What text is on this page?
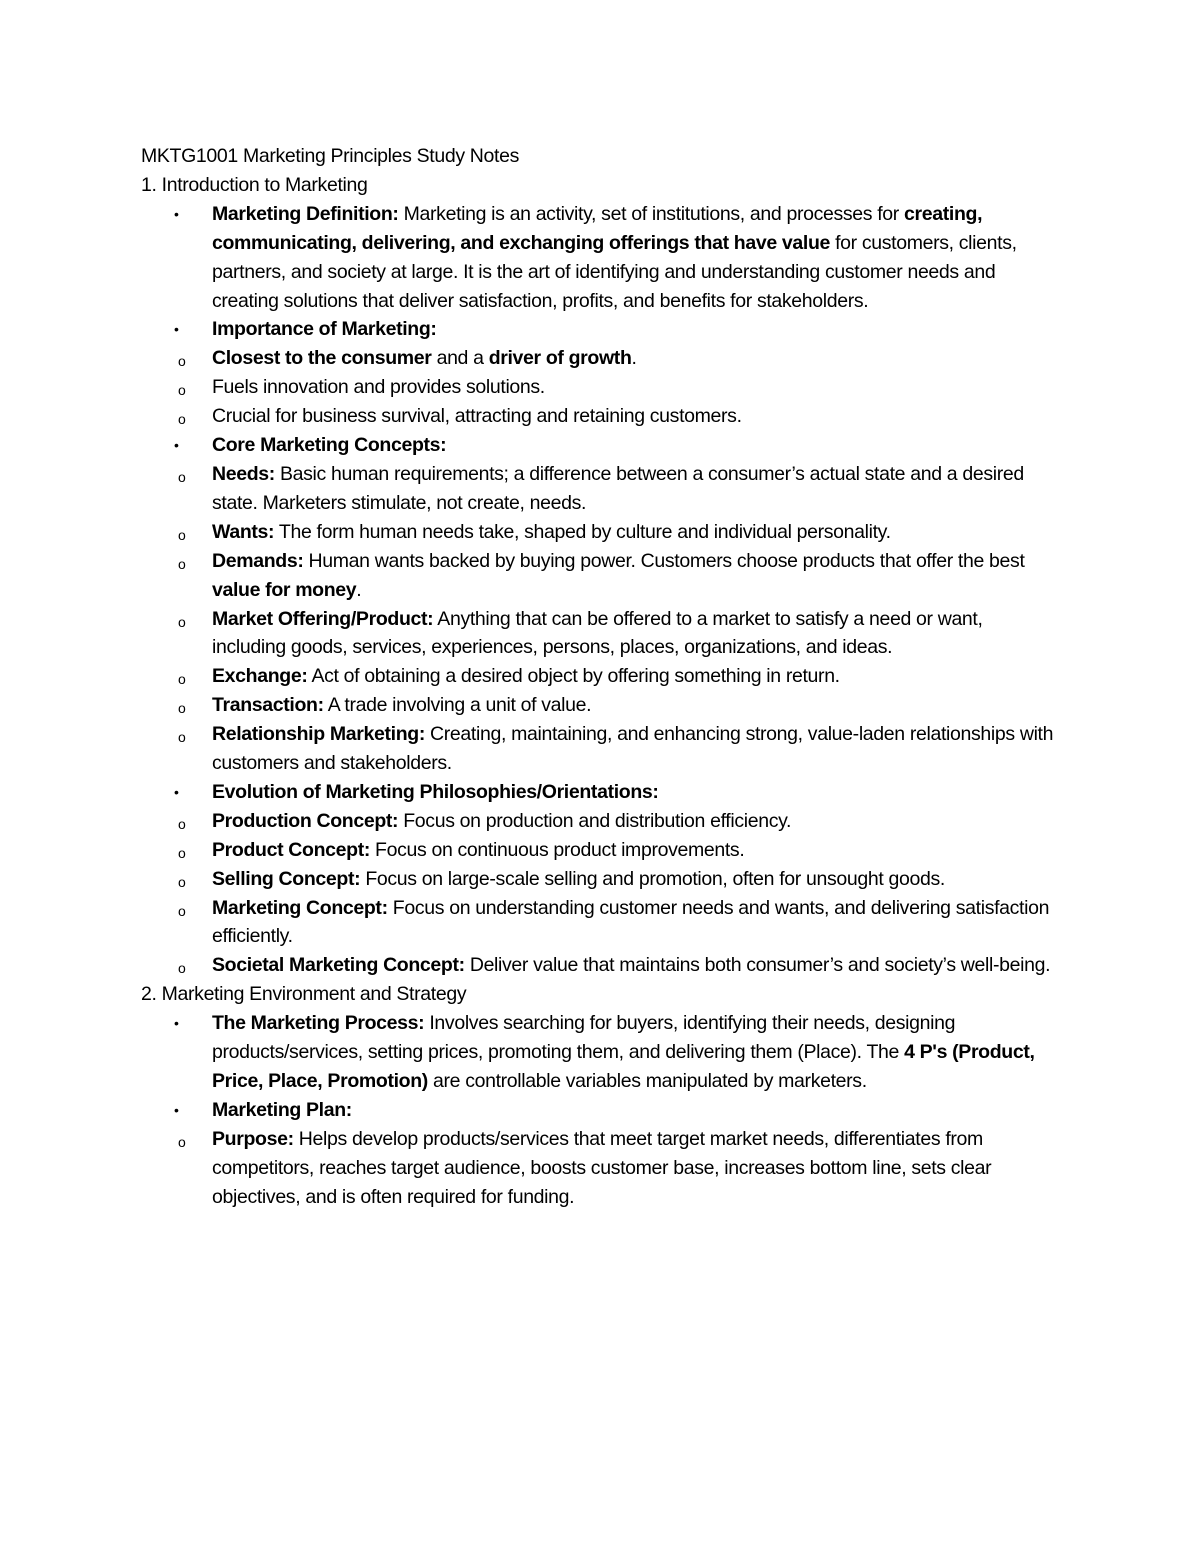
MKTG1001 Marketing Principles Study Notes

1. Introduction to Marketing

• Marketing Definition: Marketing is an activity, set of institutions, and processes for creating, communicating, delivering, and exchanging offerings that have value for customers, clients, partners, and society at large. It is the art of identifying and understanding customer needs and creating solutions that deliver satisfaction, profits, and benefits for stakeholders.
• Importance of Marketing:
o Closest to the consumer and a driver of growth.
o Fuels innovation and provides solutions.
o Crucial for business survival, attracting and retaining customers.
• Core Marketing Concepts:
o Needs: Basic human requirements; a difference between a consumer’s actual state and a desired state. Marketers stimulate, not create, needs.
o Wants: The form human needs take, shaped by culture and individual personality.
o Demands: Human wants backed by buying power. Customers choose products that offer the best value for money.
o Market Offering/Product: Anything that can be offered to a market to satisfy a need or want, including goods, services, experiences, persons, places, organizations, and ideas.
o Exchange: Act of obtaining a desired object by offering something in return.
o Transaction: A trade involving a unit of value.
o Relationship Marketing: Creating, maintaining, and enhancing strong, value-laden relationships with customers and stakeholders.
• Evolution of Marketing Philosophies/Orientations:
o Production Concept: Focus on production and distribution efficiency.
o Product Concept: Focus on continuous product improvements.
o Selling Concept: Focus on large-scale selling and promotion, often for unsought goods.
o Marketing Concept: Focus on understanding customer needs and wants, and delivering satisfaction efficiently.
o Societal Marketing Concept: Deliver value that maintains both consumer’s and society’s well-being.

2. Marketing Environment and Strategy

• The Marketing Process: Involves searching for buyers, identifying their needs, designing products/services, setting prices, promoting them, and delivering them (Place). The 4 P's (Product, Price, Place, Promotion) are controllable variables manipulated by marketers.
• Marketing Plan:
o Purpose: Helps develop products/services that meet target market needs, differentiates from competitors, reaches target audience, boosts customer base, increases bottom line, sets clear objectives, and is often required for funding.
